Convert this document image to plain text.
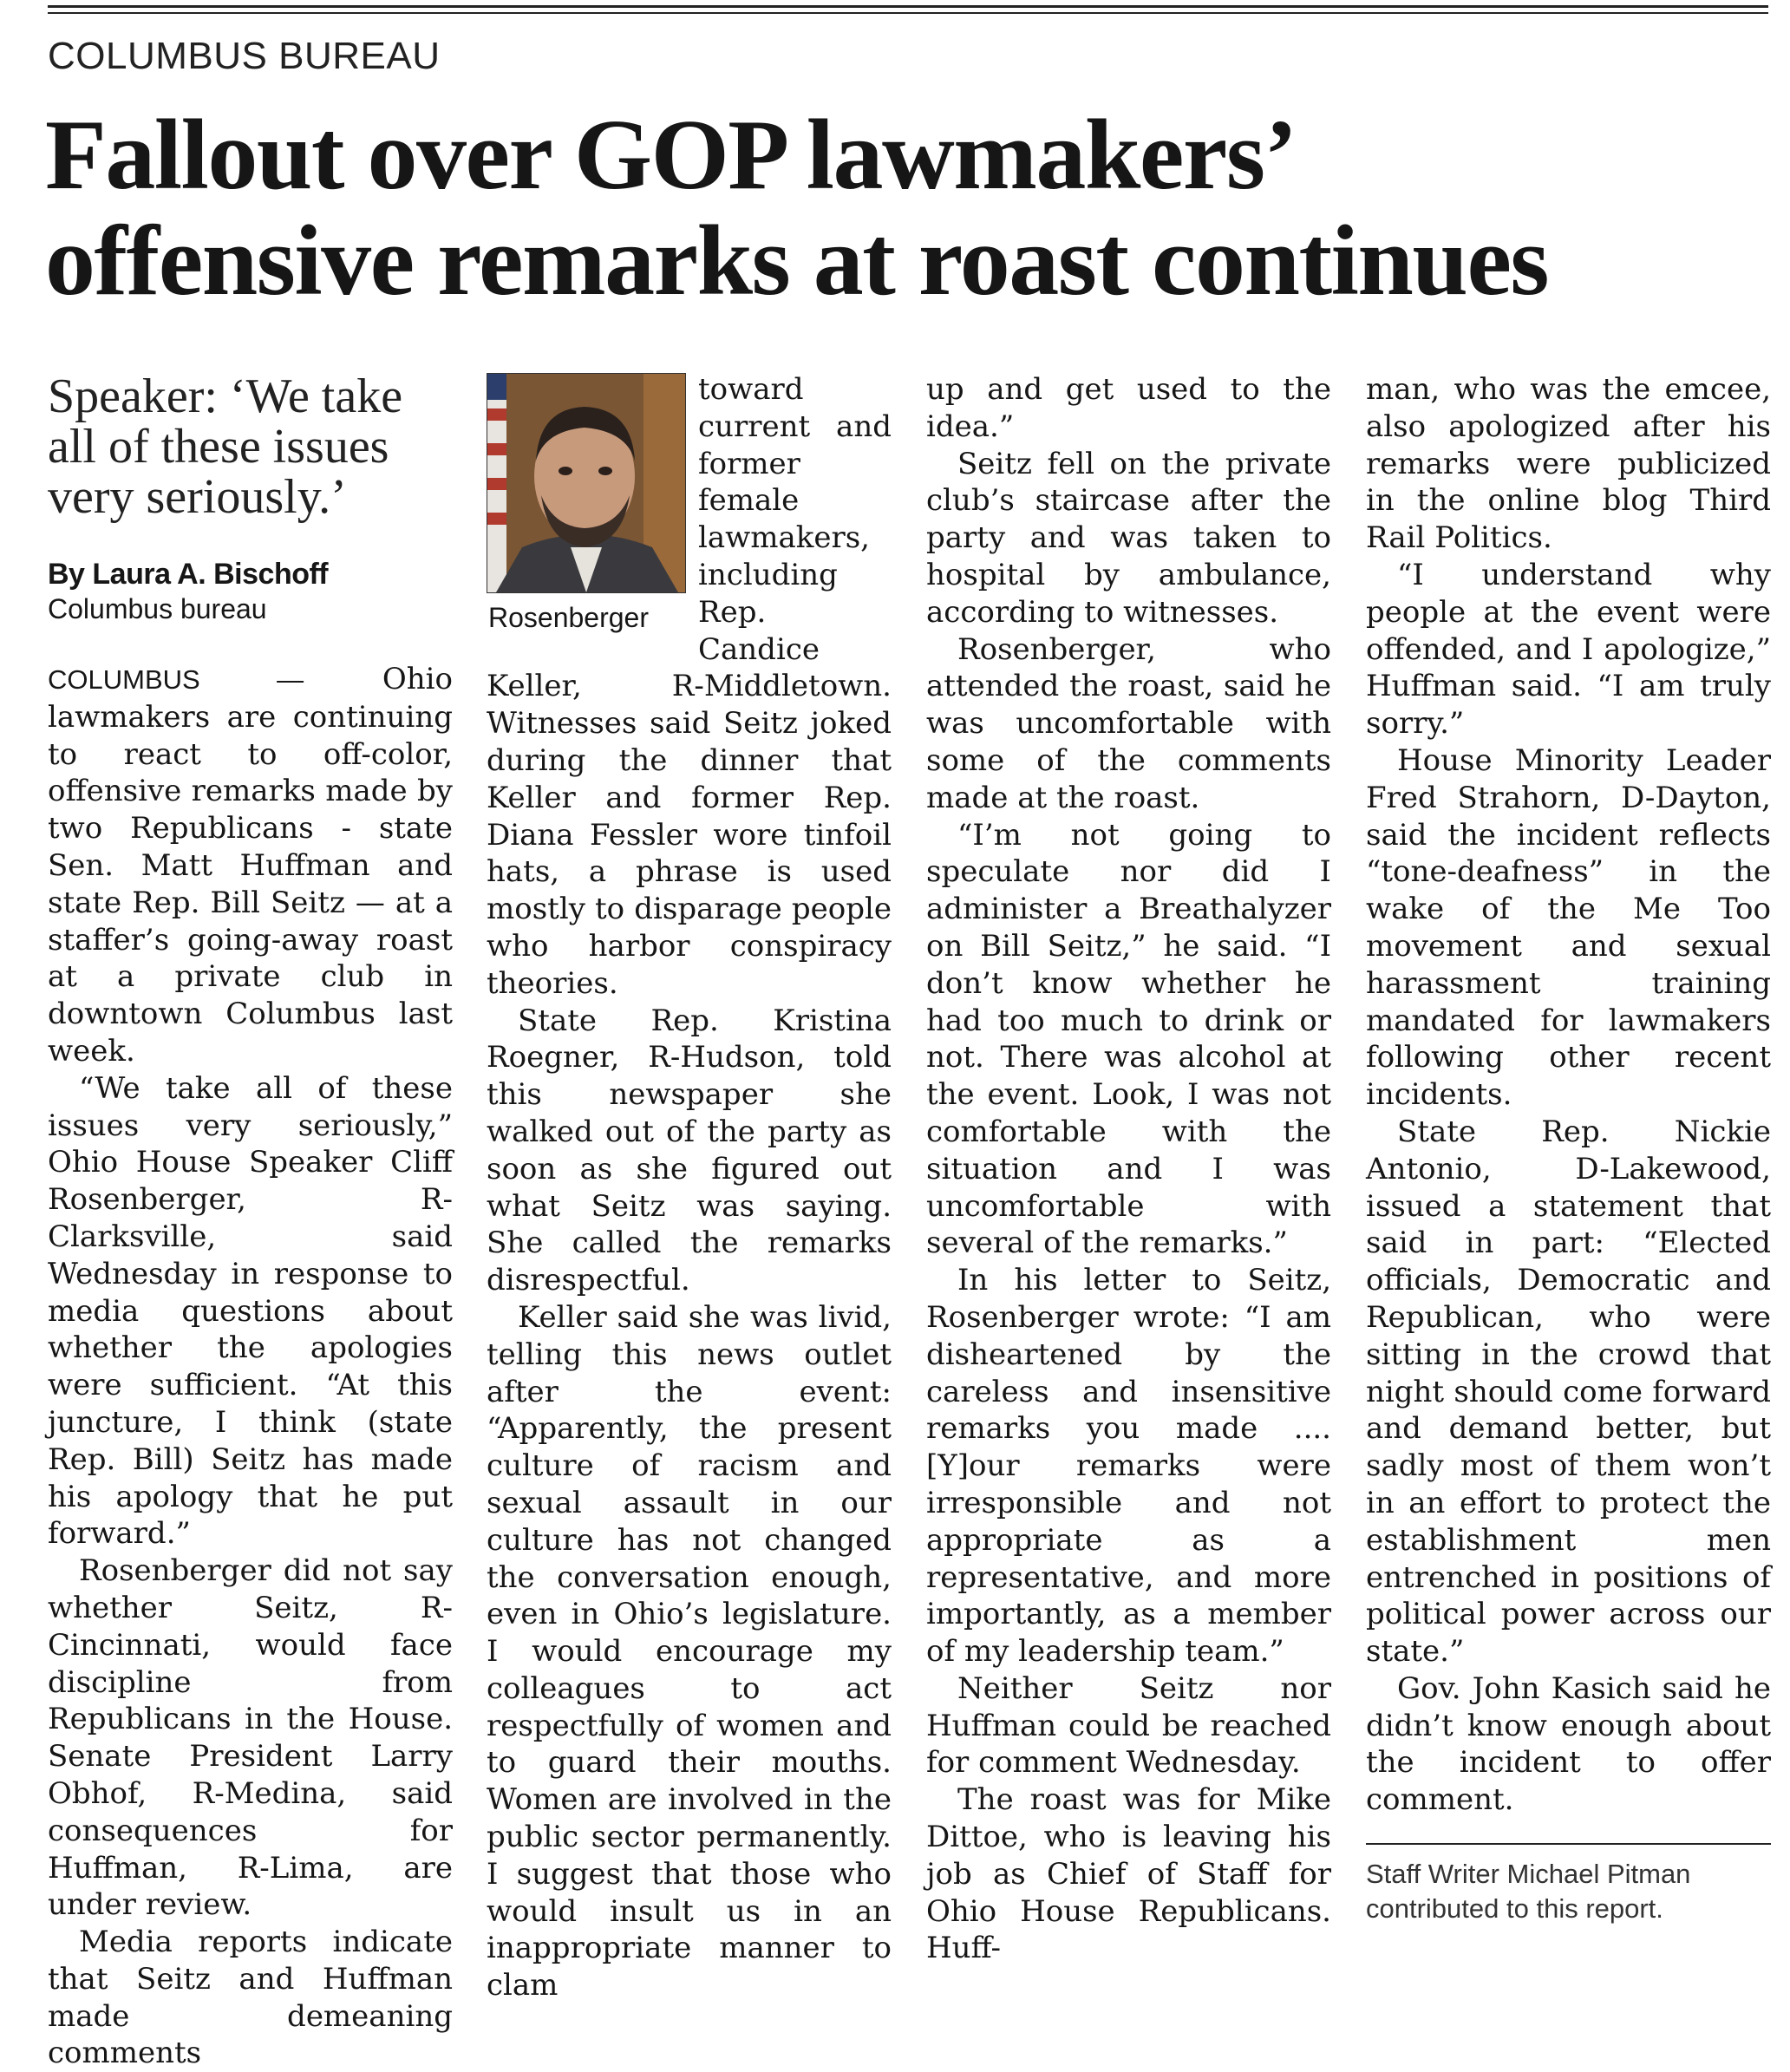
COLUMBUS BUREAU
Fallout over GOP lawmakers’
offensive remarks at roast continues
Speaker: ‘We take all of these issues very seriously.’
By Laura A. Bischoff
Columbus bureau

COLUMBUS —	Ohio lawmakers are continuing to react to off-color, offensive remarks made by two Republicans - state Sen. Matt Huffman and state Rep. Bill Seitz — at a staffer’s going-away roast at a private club in downtown Columbus last week.

“We take all of these issues very seriously,” Ohio House Speaker Cliff Rosenberger, R-Clarksville, said Wednesday in response to media questions about whether the apologies were sufficient. “At this juncture, I think (state Rep. Bill) Seitz has made his apology that he put forward.”

Rosenberger did not say whether Seitz, R-Cincinnati, would face discipline from Republicans in the House. Senate President Larry Obhof, R-Medina, said consequences for Huffman, R-Lima, are under review.

Media reports indicate that Seitz and Huffman made demeaning comments

Rosenberger

toward current and former female lawmakers, including Rep. Candice Keller, R-Middletown. Witnesses said Seitz joked during the dinner that Keller and former Rep. Diana Fessler wore tinfoil hats, a phrase is used mostly to disparage people who harbor conspiracy theories.

State Rep. Kristina Roegner, R-Hudson, told this newspaper she walked out of the party as soon as she figured out what Seitz was saying. She called the remarks disrespectful.

Keller said she was livid, telling this news outlet after the event: “Apparently, the present culture of racism and sexual assault in our culture has not changed the conversation enough, even in Ohio’s legislature. I would encourage my colleagues to act respectfully of women and to guard their mouths. Women are involved in the public sector permanently. I suggest that those who would insult us in an inappropriate manner to clam

up and get used to the idea.”

Seitz fell on the private club’s staircase after the party and was taken to hospital by ambulance, according to witnesses.

Rosenberger, who attended the roast, said he was uncomfortable with some of the comments made at the roast.

“I’m not going to speculate nor did I administer a Breathalyzer on Bill Seitz,” he said. “I don’t know whether he had too much to drink or not. There was alcohol at the event. Look, I was not comfortable with the situation and I was uncomfortable with several of the remarks.”

In his letter to Seitz, Rosenberger wrote: “I am disheartened by the careless and insensitive remarks you made .... [Y]our remarks were irresponsible and not appropriate as a representative, and more importantly, as a member of my leadership team.”

Neither Seitz nor Huffman could be reached for comment Wednesday.

The roast was for Mike Dittoe, who is leaving his job as Chief of Staff for Ohio House Republicans. Huff-

man, who was the emcee, also apologized after his remarks were publicized in the online blog Third Rail Politics.

“I understand why people at the event were offended, and I apologize,” Huffman said. “I am truly sorry.”

House Minority Leader Fred Strahorn, D-Dayton, said the incident reflects “tone-deafness” in the wake of the Me Too movement and sexual harassment training mandated for lawmakers following other recent incidents.

State Rep. Nickie Antonio, D-Lakewood, issued a statement that said in part: “Elected officials, Democratic and Republican, who were sitting in the crowd that night should come forward and demand better, but sadly most of them won’t in an effort to protect the establishment men entrenched in positions of political power across our state.”

Gov. John Kasich said he didn’t know enough about the incident to offer comment.

Staff Writer Michael Pitman contributed to this report.
